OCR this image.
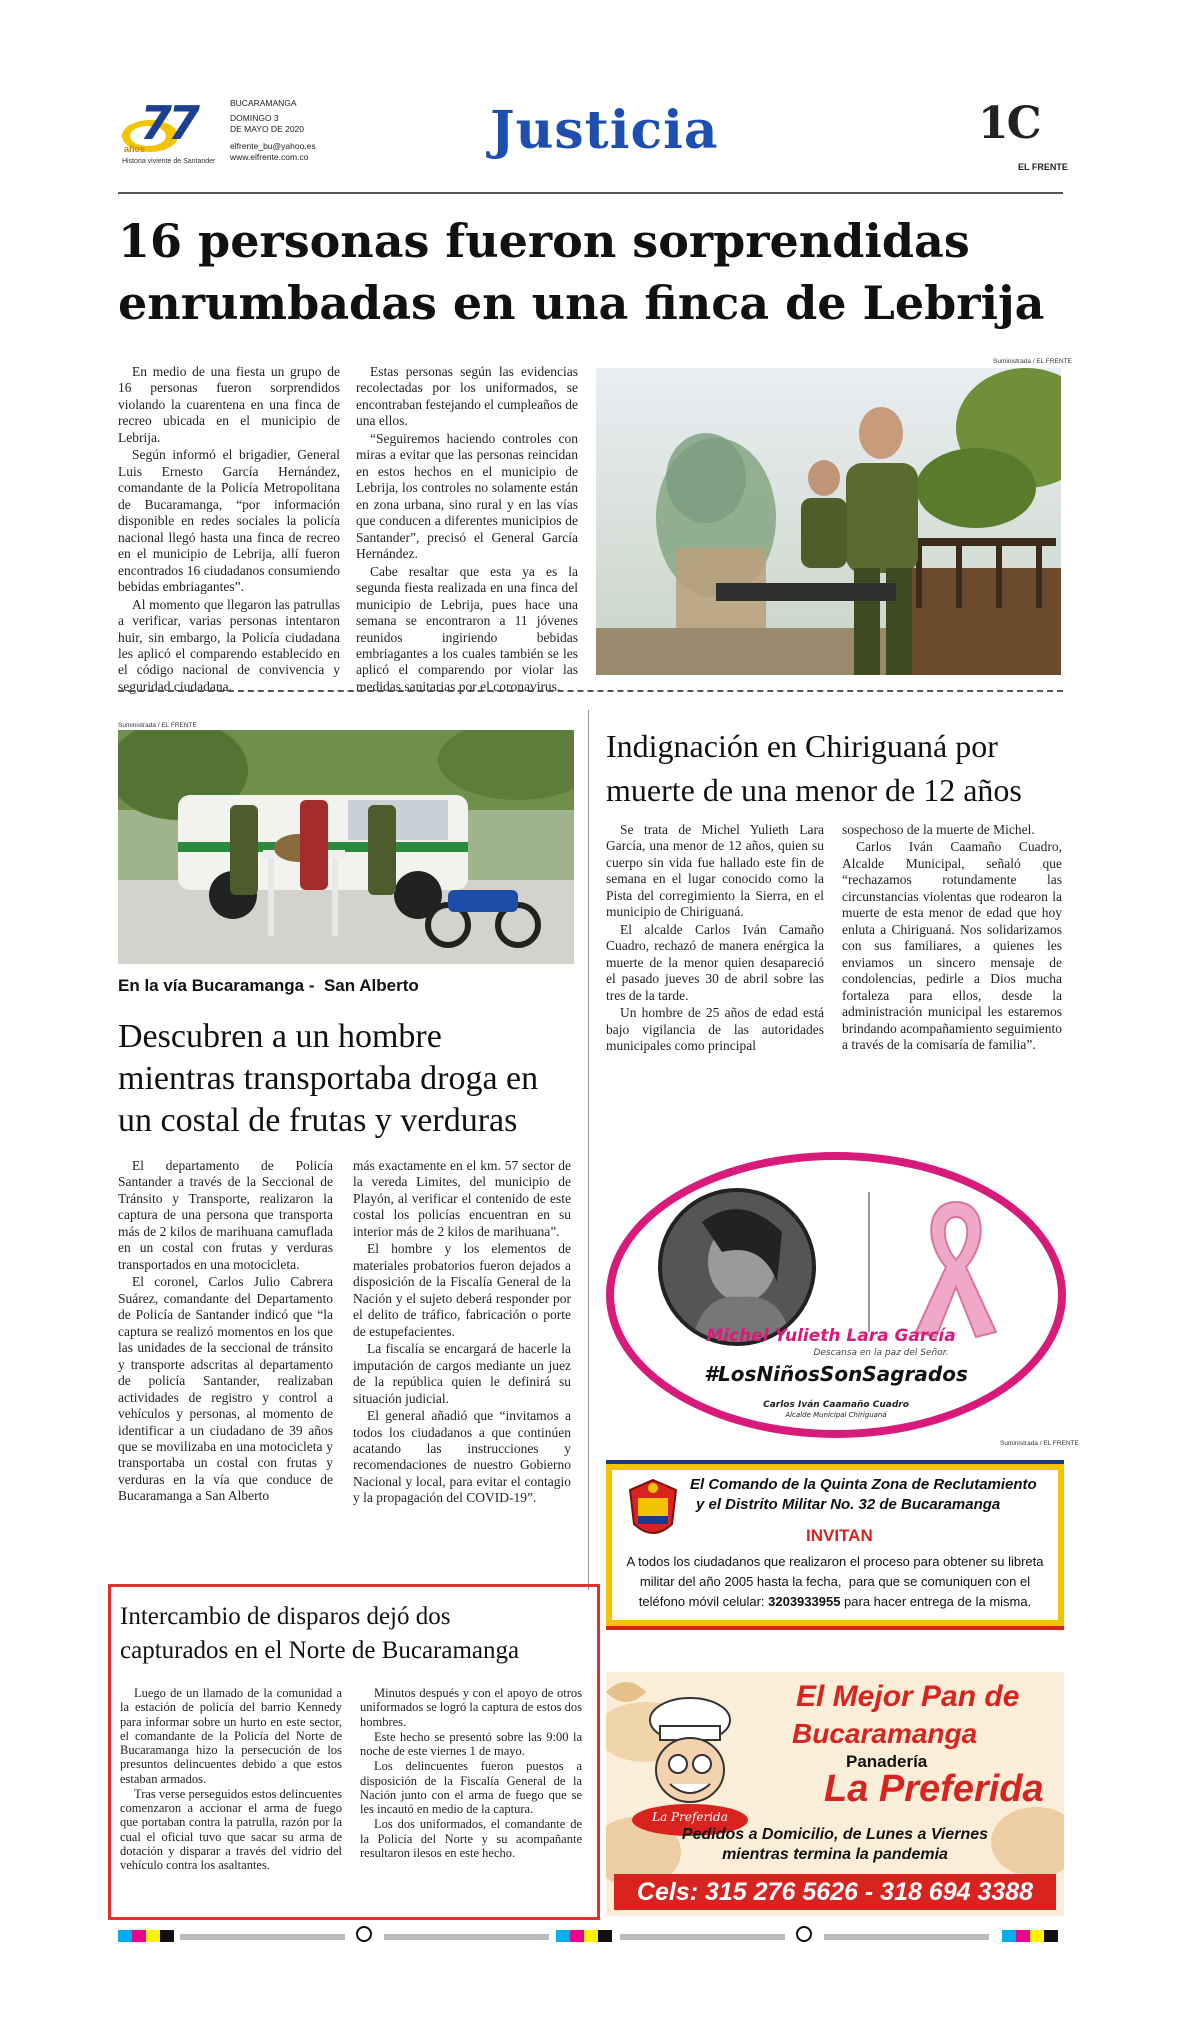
77
años
Historia viviente de Santander
BUCARAMANGA
DOMINGO 3
DE MAYO DE 2020
elfrente_bu@yahoo.es
www.elfrente.com.co	Justicia	1C
EL FRENTE
16 personas fueron sorprendidas
enrumbadas en una finca de Lebrija

En medio de una fiesta un grupo de 16 personas fueron sorprendidos violando la cuarentena en una finca de recreo ubicada en el municipio de Lebrija.

Según informó el brigadier, General Luis Ernesto García Hernández, comandante de la Policía Metropolitana de Bucaramanga, “por información disponible en redes sociales la policía nacional llegó hasta una finca de recreo en el municipio de Lebrija, allí fueron encontrados 16 ciudadanos consumiendo bebidas embriagantes”.

Al momento que llegaron las patrullas a verificar, varias personas intentaron huir, sin embargo, la Policía ciudadana les aplicó el comparendo establecido en el código nacional de convivencia y seguridad ciudadana.

Estas personas según las evidencias recolectadas por los uniformados, se encontraban festejando el cumpleaños de una ellos.

“Seguiremos haciendo controles con miras a evitar que las personas reincidan en estos hechos en el municipio de Lebrija, los controles no solamente están en zona urbana, sino rural y en las vías que conducen a diferentes municipios de Santander”, precisó el General García Hernández.

Cabe resaltar que esta ya es la segunda fiesta realizada en una finca del municipio de Lebrija, pues hace una semana se encontraron a 11 jóvenes reunidos ingiriendo bebidas embriagantes a los cuales también se les aplicó el comparendo por violar las medidas sanitarias por el coronavirus.

Suministrada / EL FRENTE
Suministrada / EL FRENTE
En la vía Bucaramanga -  San Alberto
Descubren a un hombre
mientras transportaba droga en
un costal de frutas y verduras

El departamento de Policía Santander a través de la Seccional de Tránsito y Transporte, realizaron la captura de una persona que transporta más de 2 kilos de marihuana camuflada en un costal con frutas y verduras transportados en una motocicleta.

El coronel, Carlos Julio Cabrera Suárez, comandante del Departamento de Policía de Santander indicó que “la captura se realizó momentos en los que las unidades de la seccional de tránsito y transporte adscritas al departamento de policía Santander, realizaban actividades de registro y control a vehículos y personas, al momento de identificar a un ciudadano de 39 años que se movilizaba en una motocicleta y transportaba un costal con frutas y verduras en la vía que conduce de Bucaramanga a San Alberto

más exactamente en el km. 57 sector de la vereda Limites, del municipio de Playón, al verificar el contenido de este costal los policías encuentran en su interior más de 2 kilos de marihuana”.

El hombre y los elementos de materiales probatorios fueron dejados a disposición de la Fiscalía General de la Nación y el sujeto deberá responder por el delito de tráfico, fabricación o porte de estupefacientes.

La fiscalía se encargará de hacerle la imputación de cargos mediante un juez de la república quien le definirá su situación judicial.

El general añadió que “invitamos a todos los ciudadanos a que continúen acatando las instrucciones y recomendaciones de nuestro Gobierno Nacional y local, para evitar el contagio y la propagación del COVID-19”.

Indignación en Chiriguaná por
muerte de una menor de 12 años

Se trata de Michel Yulieth Lara García, una menor de 12 años, quien su cuerpo sin vida fue hallado este fin de semana en el lugar conocido como la Pista del corregimiento la Sierra, en el municipio de Chiriguaná.

El alcalde Carlos Iván Camaño Cuadro, rechazó de manera enérgica la muerte de la menor quien desapareció el pasado jueves 30 de abril sobre las tres de la tarde.

Un hombre de 25 años de edad está bajo vigilancia de las autoridades municipales como principal

sospechoso de la muerte de Michel.

Carlos Iván Caamaño Cuadro, Alcalde Municipal, señaló que “rechazamos rotundamente las circunstancias violentas que rodearon la muerte de esta menor de edad que hoy enluta a Chiriguaná. Nos solidarizamos con sus familiares, a quienes les enviamos un sincero mensaje de condolencias, pedirle a Dios mucha fortaleza para ellos, desde la administración municipal les estaremos brindando acompañamiento seguimiento a través de la comisaría de familia”.

Michel Yulieth Lara García
Descansa en la paz del Señor.
#LosNiñosSonSagrados
Carlos Iván Caamaño Cuadro
Alcalde Municipal Chiriguaná
Suministrada / EL FRENTE
El Comando de la Quinta Zona de Reclutamiento
y el Distrito Militar No. 32 de Bucaramanga
INVITAN
A todos los ciudadanos que realizaron el proceso para obtener su libreta
militar del año 2005 hasta la fecha,  para que se comuniquen con el
teléfono móvil celular: 3203933955 para hacer entrega de la misma.
Intercambio de disparos dejó dos
capturados en el Norte de Bucaramanga

Luego de un llamado de la comunidad a la estación de policía del barrio Kennedy para informar sobre un hurto en este sector, el comandante de la Policía del Norte de Bucaramanga hizo la persecución de los presuntos delincuentes debido a que estos estaban armados.

Tras verse perseguidos estos delincuentes comenzaron a accionar el arma de fuego que portaban contra la patrulla, razón por la cual el oficial tuvo que sacar su arma de dotación y disparar a través del vidrio del vehículo contra los asaltantes.

Minutos después y con el apoyo de otros uniformados se logró la captura de estos dos hombres.

Este hecho se presentó sobre las 9:00 la noche de este viernes 1 de mayo.

Los delincuentes fueron puestos a disposición de la Fiscalía General de la Nación junto con el arma de fuego que se les incautó en medio de la captura.

Los dos uniformados, el comandante de la Policía del Norte y su acompañante resultaron ilesos en este hecho.

La Preferida
El Mejor Pan de
Bucaramanga
Panadería
La Preferida
Pedidos a Domicilio, de Lunes a Viernes
mientras termina la pandemia
Cels: 315 276 5626 - 318 694 3388
